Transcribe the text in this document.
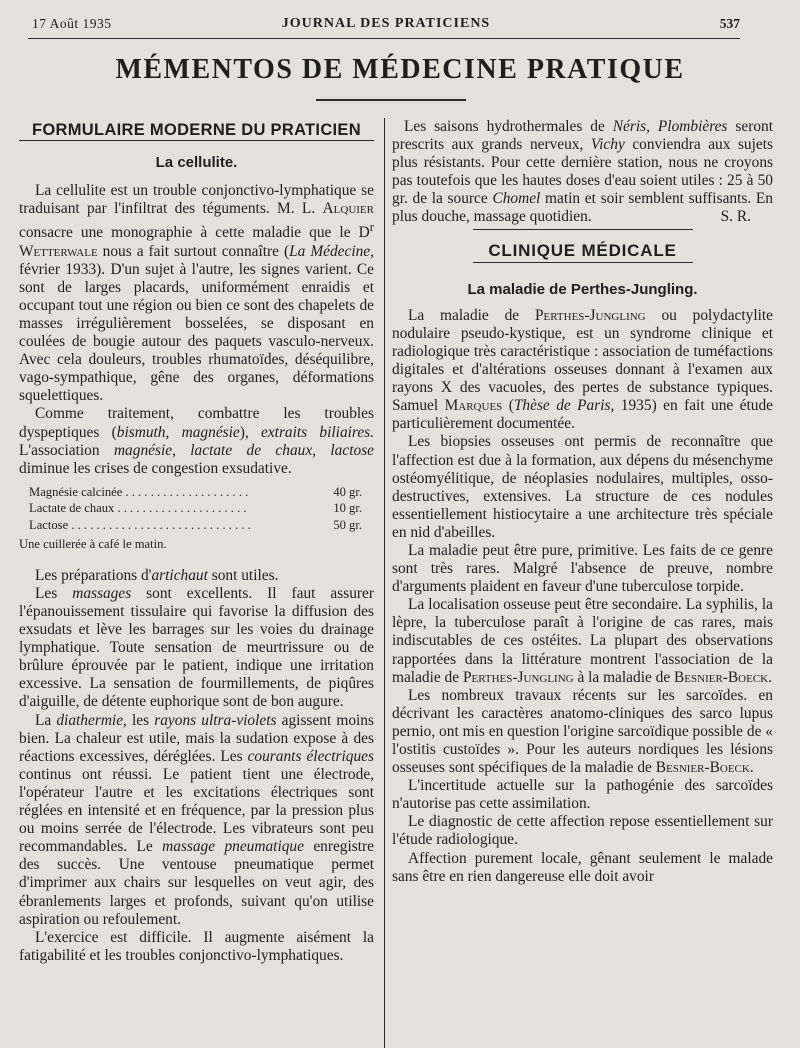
17 Août 1935	JOURNAL DES PRATICIENS	537
MÉMENTOS DE MÉDECINE PRATIQUE
FORMULAIRE MODERNE DU PRATICIEN
La cellulite.

La cellulite est un trouble conjonctivo-lymphatique se traduisant par l'infiltrat des téguments. M. L. Alquier consacre une monographie à cette maladie que le $D^r$ Wetterwale nous a fait surtout connaître (La Médecine, février 1933). D'un sujet à l'autre, les signes varient. Ce sont de larges placards, uniformément enraidis et occupant tout une région ou bien ce sont des chapelets de masses irrégulièrement bosselées, se disposant en coulées de bougie autour des paquets vasculo-nerveux. Avec cela douleurs, troubles rhumatoïdes, déséquilibre, vago-sympathique, gêne des organes, déformations squelettiques.

Comme traitement, combattre les troubles dyspeptiques (bismuth, magnésie), extraits biliaires. L'association magnésie, lactate de chaux, lactose diminue les crises de congestion exsudative.

Magnésie calcinée . . .	40 gr.
Lactate de chaux . . .	10 gr.
Lactose . . .	50 gr.
Une cuillerée à café le matin.

Les préparations d'artichaut sont utiles.

Les massages sont excellents. Il faut assurer l'épanouissement tissulaire qui favorise la diffusion des exsudats et lève les barrages sur les voies du drainage lymphatique. Toute sensation de meurtrissure ou de brûlure éprouvée par le patient, indique une irritation excessive. La sensation de fourmillements, de piqûres d'aiguille, de détente euphorique sont de bon augure.

La diathermie, les rayons ultra-violets agissent moins bien. La chaleur est utile, mais la sudation expose à des réactions excessives, déréglées. Les courants électriques continus ont réussi. Le patient tient une électrode, l'opérateur l'autre et les excitations électriques sont réglées en intensité et en fréquence, par la pression plus ou moins serrée de l'électrode. Les vibrateurs sont peu recommandables. Le massage pneumatique enregistre des succès. Une ventouse pneumatique permet d'imprimer aux chairs sur lesquelles on veut agir, des ébranlements larges et profonds, suivant qu'on utilise aspiration ou refoulement.

L'exercice est difficile. Il augmente aisément la fatigabilité et les troubles conjonctivo-lymphatiques.

Les saisons hydrothermales de Néris, Plombières seront prescrits aux grands nerveux, Vichy conviendra aux sujets plus résistants. Pour cette dernière station, nous ne croyons pas toutefois que les hautes doses d'eau soient utiles : 25 à 50 gr. de la source Chomel matin et soir semblent suffisants. En plus douche, massage quotidien.	S. R.

CLINIQUE MÉDICALE
La maladie de Perthes-Jungling.

La maladie de Perthes-Jungling ou polydactylite nodulaire pseudo-kystique, est un syndrome clinique et radiologique très caractéristique : association de tuméfactions digitales et d'altérations osseuses donnant à l'examen aux rayons X des vacuoles, des pertes de substance typiques. Samuel Marques (Thèse de Paris, 1935) en fait une étude particulièrement documentée.

Les biopsies osseuses ont permis de reconnaître que l'affection est due à la formation, aux dépens du mésenchyme ostéomyélitique, de néoplasies nodulaires, multiples, osso-destructives, extensives. La structure de ces nodules essentiellement histiocytaire a une architecture très spéciale en nid d'abeilles.

La maladie peut être pure, primitive. Les faits de ce genre sont très rares. Malgré l'absence de preuve, nombre d'arguments plaident en faveur d'une tuberculose torpide.

La localisation osseuse peut être secondaire. La syphilis, la lèpre, la tuberculose paraît à l'origine de cas rares, mais indiscutables de ces ostéites. La plupart des observations rapportées dans la littérature montrent l'association de la maladie de Perthes-Jungling à la maladie de Besnier-Boeck.

Les nombreux travaux récents sur les sarcoïdes. en décrivant les caractères anatomo-cliniques des sarco lupus pernio, ont mis en question l'origine sarcoïdique possible de « l'ostitis custoïdes ». Pour les auteurs nordiques les lésions osseuses sont spécifiques de la maladie de Besnier-Boeck.

L'incertitude actuelle sur la pathogénie des sarcoïdes n'autorise pas cette assimilation.

Le diagnostic de cette affection repose essentiellement sur l'étude radiologique.

Affection purement locale, gênant seulement le malade sans être en rien dangereuse elle doit avoir
